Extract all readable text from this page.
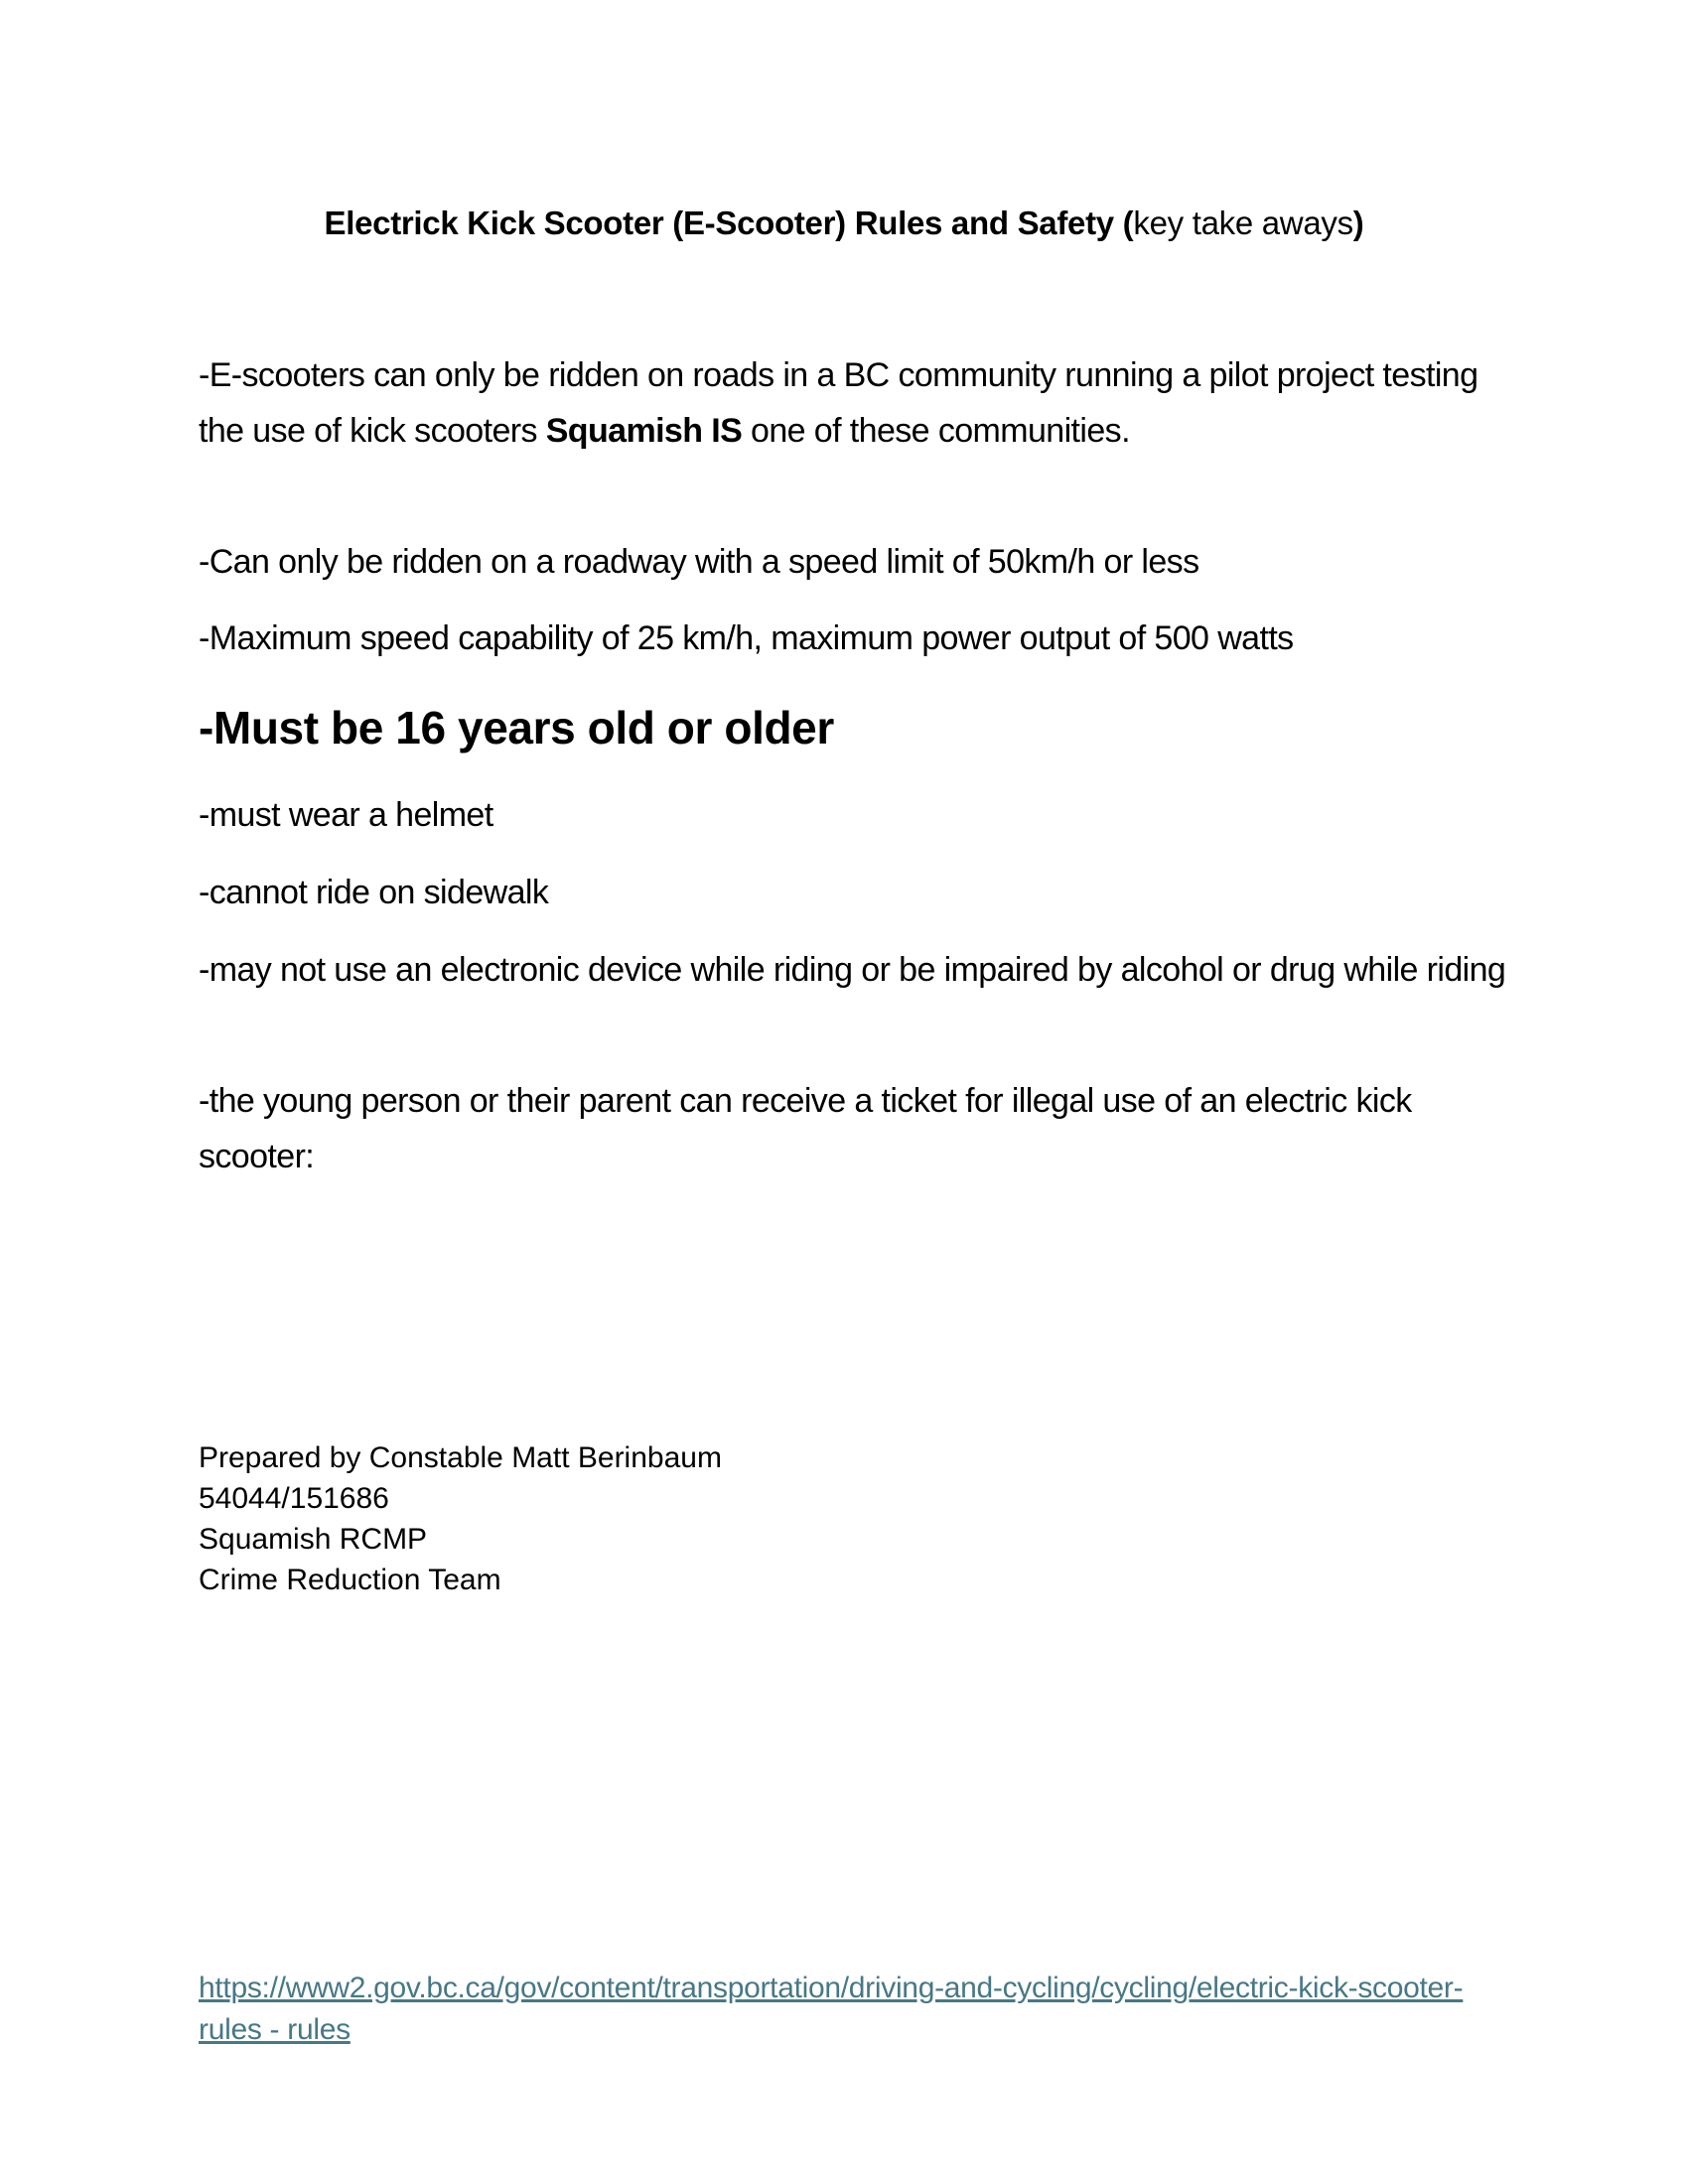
Electrick Kick Scooter (E-Scooter) Rules and Safety (key take aways)
-E-scooters can only be ridden on roads in a BC community running a pilot project testing the use of kick scooters Squamish IS one of these communities.
-Can only be ridden on a roadway with a speed limit of 50km/h or less
-Maximum speed capability of 25 km/h, maximum power output of 500 watts
-Must be 16 years old or older
-must wear a helmet
-cannot ride on sidewalk
-may not use an electronic device while riding or be impaired by alcohol or drug while riding
-the young person or their parent can receive a ticket for illegal use of an electric kick scooter:
Prepared by Constable Matt Berinbaum
54044/151686
Squamish RCMP
Crime Reduction Team
https://www2.gov.bc.ca/gov/content/transportation/driving-and-cycling/cycling/electric-kick-scooter-rules - rules
